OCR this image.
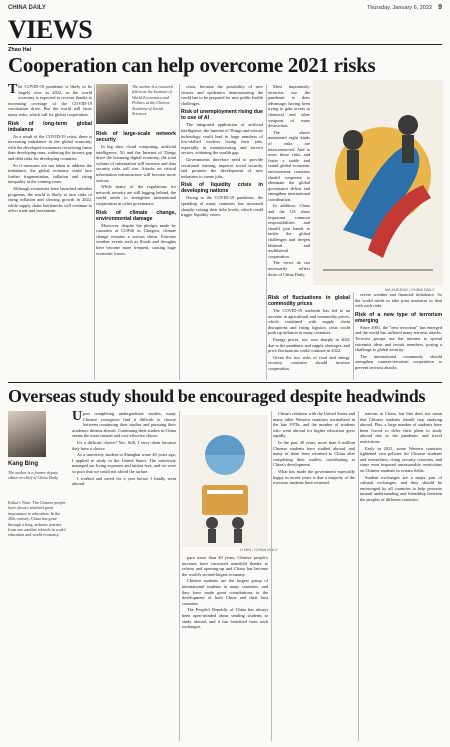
CHINA DAILY	Thursday, January 6, 2022 9
VIEWS
Zhao Hai
Cooperation can help overcome 2021 risks

The COVID-19 pandemic is likely to be largely over in 2022, as the world economy is expected to recover thanks to increasing coverage of the COVID-19 vaccination drive. But the world still faces many risks, which call for global cooperation.

Risk of long-term global imbalance

As a result of the COVID-19 crisis, there is increasing imbalance in the global economy, with the developed economies recovering faster than developing ones, widening the income gap and debt risks for developing countries.

So if measures are not taken to address the imbalance, the global economy could face further fragmentation, inflation and rising inequality in the coming years.

Although economies have launched stimulus programs, the world is likely to face risks of rising inflation and slowing growth in 2022, while supply chain bottlenecks will continue to affect trade and investment.

The author is a research fellow at the Institute of World Economics and Politics at the Chinese Academy of Social Sciences.

Risk of large-scale network security

In big data, cloud computing, artificial intelligence, 5G and the Internet of Things drive the booming digital economy, the total volume of information will increase and data security risks will rise. Attacks on critical information infrastructure will become more serious.

While many of the regulations for network security are still lagging behind, the world needs to strengthen international cooperation in cyber governance.

Risk of climate change, environmental damage

Moreover, despite the pledges made by countries at COP26 in Glasgow, climate change remains a serious threat. Extreme weather events such as floods and droughts have become more frequent, causing huge economic losses.

crisis, because the possibility of new viruses and epidemics demonstrating the world has to be prepared for new public health challenges.

Risk of unemployment rising due to use of AI

The integrated application of artificial intelligence, the Internet of Things and robotic technology could lead to large numbers of low-skilled workers losing their jobs, especially in manufacturing and service sectors, widening the wealth gap.

Governments therefore need to provide vocational training, improve social security, and promote the development of new industries to create jobs.

Risk of liquidity crisis in developing nations

Owing to the COVID-19 pandemic, the spending of many countries has increased sharply, raising their debt levels, which could trigger liquidity crises.

Risk of fluctuations in global commodity prices

The COVID-19 outbreak has led to an increase in agricultural and commodity prices, which combined with supply chain disruptions and rising logistics costs could push up inflation in many countries.

Energy prices, too, rose sharply in 2021 due to the pandemic and supply shortages, and price fluctuations could continue in 2022.

Given the two risks of food and energy security, countries should increase cooperation.

severe weather and financial imbalance. So the world needs to take joint measures to deal with such risks.

Risk of a new type of terrorism emerging

Since 2001, the "new terrorism" has emerged and the world has suffered many terrorist attacks. Terrorist groups use the internet to spread extremist ideas and recruit members, posing a challenge to global security.

The international community should strengthen counter-terrorism cooperation to prevent terrorist attacks.

Most importantly, terrorists use the pandemic to their advantage, having been trying to gain access to chemical and other weapons of mass destruction.

The above mentioned eight kinds of risks are interconnected. And to avert these risks and foster a stable and sound global economic environment, countries should cooperate to eliminate the global governance deficit and strengthen international coordination.

In addition, China and the US share important common responsibilities and should join hands to tackle the global challenges and deepen bilateral and multilateral cooperation.

The views do not necessarily reflect those of China Daily.

MA XUEJING / CHINA DAILY
Overseas study should be encouraged despite headwinds
Kang Bing
The author is a former deputy editor-in-chief of China Daily.
Editor's Note: The Chinese people have always attached great importance to education. In the 20th century, China has gone through a long, arduous journey from one another schools in world education and world economy.

Upon completing undergraduate studies, many Chinese youngsters find it difficult to choose between continuing their studies and pursuing their academic dreams abroad. Continuing their studies in China seems the more natural and cost-effective choice.

It's a difficult choice? Yes. Still, I envy them because they have a choice.

As a university student in Shanghai some 40 years ago, I applied to study in the United States. The university managed our living expenses and tuition fees, and we were so poor that we could not afford the airfare.

I worked and saved for a year before I finally went abroad.

pace more than 40 years, Chinese people's incomes have increased manifold thanks to reform and opening-up and China has become the world's second-largest economy.

Chinese students are the largest group of international students in many countries, and they have made great contributions to the development of both China and their host countries.

The People's Republic of China has always been open-minded about sending students to study abroad, and it has benefited from such exchanges.

China's relations with the United States and many other Western countries normalized in the late 1970s, and the number of students who went abroad for higher education grew rapidly.

In the past 40 years, more than 6 million Chinese students have studied abroad, and many of them have returned to China after completing their studies, contributing to China's development.

What has made the government especially happy in recent years is that a majority of the overseas students have returned.

nations in China, but that does not mean that Chinese students should stop studying abroad. Plus, a large number of students have been forced to defer their plans to study abroad due to the pandemic and travel restrictions.

Early in 2021, some Western countries tightened visa policies for Chinese students and researchers, citing security concerns, and some even imposed unreasonable restrictions on Chinese students in certain fields.

Student exchanges are a major part of cultural exchanges, and they should be encouraged by all countries to help promote mutual understanding and friendship between the peoples of different countries.

LI MIN / CHINA DAILY
